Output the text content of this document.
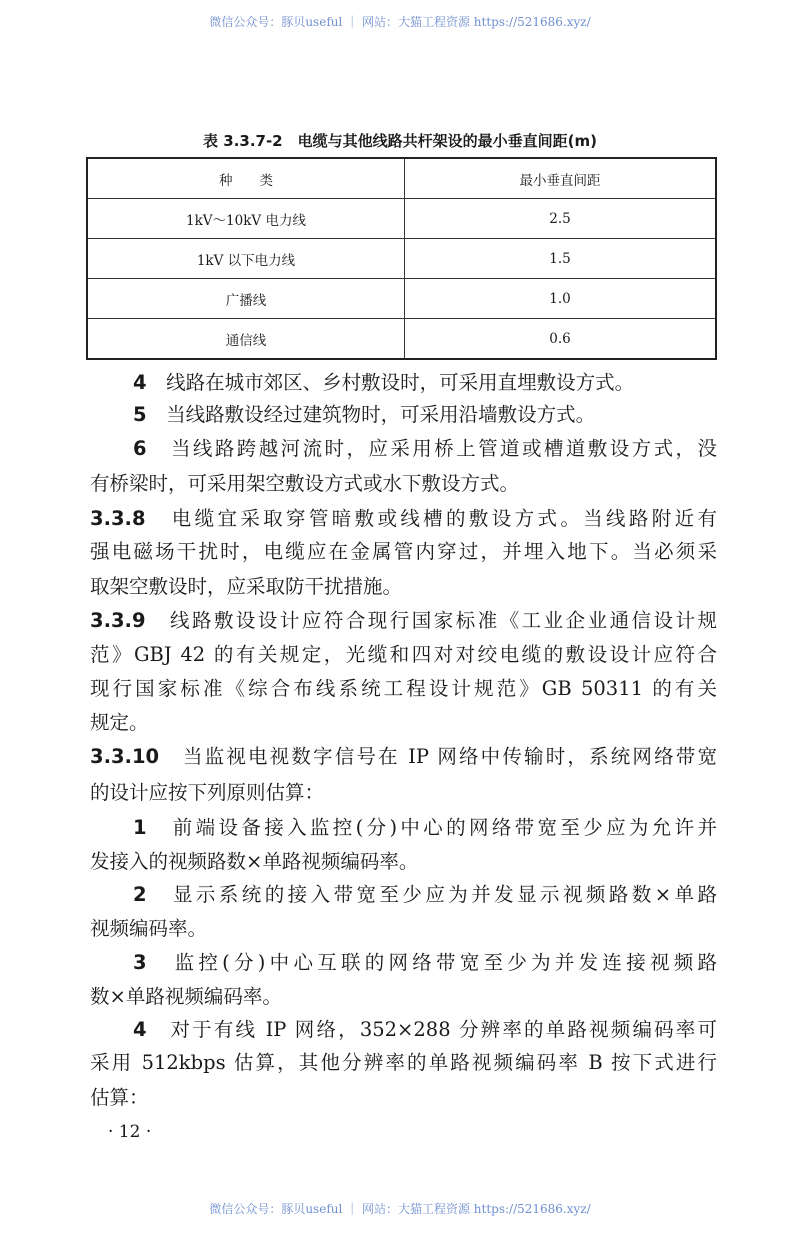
微信公众号：豚贝useful ｜ 网站：大猫工程资源 https://521686.xyz/
表 3.3.7-2　电缆与其他线路共杆架设的最小垂直间距(m)
种　　类	最小垂直间距
1kV～10kV 电力线	2.5
1kV 以下电力线	1.5
广播线	1.0
通信线	0.6
4　 线路在城市郊区、乡村敷设时，可采用直埋敷设方式。
5　 当线路敷设经过建筑物时，可采用沿墙敷设方式。
6　 当线路跨越河流时，应采用桥上管道或槽道敷设方式，没
有桥梁时，可采用架空敷设方式或水下敷设方式。
3.3.8　 电缆宜采取穿管暗敷或线槽的敷设方式。当线路附近有
强电磁场干扰时，电缆应在金属管内穿过，并埋入地下。当必须采
取架空敷设时，应采取防干扰措施。
3.3.9　 线路敷设设计应符合现行国家标准《工业企业通信设计规
范》GBJ 42 的有关规定，光缆和四对对绞电缆的敷设设计应符合
现行国家标准《综合布线系统工程设计规范》GB 50311 的有关
规定。
3.3.10　 当监视电视数字信号在 IP 网络中传输时，系统网络带宽
的设计应按下列原则估算：
1　 前端设备接入监控(分)中心的网络带宽至少应为允许并
发接入的视频路数×单路视频编码率。
2　 显示系统的接入带宽至少应为并发显示视频路数×单路
视频编码率。
3　 监控(分)中心互联的网络带宽至少为并发连接视频路
数×单路视频编码率。
4　 对于有线 IP 网络，352×288 分辨率的单路视频编码率可
采用 512kbps 估算，其他分辨率的单路视频编码率 B 按下式进行
估算：
· 12 ·
微信公众号：豚贝useful ｜ 网站：大猫工程资源 https://521686.xyz/
